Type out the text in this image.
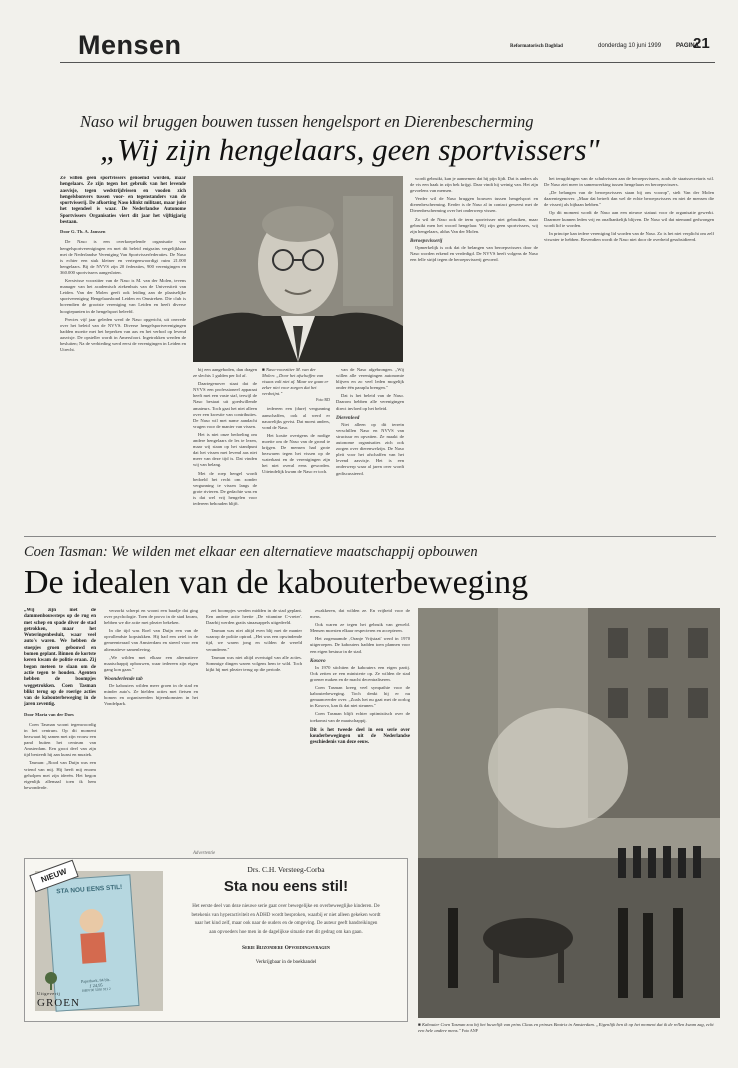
Mensen	Reformatorisch Dagblad	donderdag 10 juni 1999 PAGINA
21
Naso wil bruggen bouwen tussen hengelsport en Dierenbescherming
„Wij zijn hengelaars, geen sportvissers"

Ze willen geen sportvissers genoemd worden, maar hengelaars. Ze zijn tegen het gebruik van het levende aasvisje, tegen wedstrijdvissen en vooden zich hengelsbonvers tussen voor- en tegenstanders van de sportvisserij. De afkorting Naso klinkt militant, maar juist het tegendeel is waar. De Nederlandse Autonome Sportvissers Organisaties viert dit jaar het vijftigjarig bestaan.

Door G. Th. A. Janssen

De Naso is een overkoepelende organisatie van hengelsportverenigingen en met dit beleid enigszins vergelijkbaar met de Nederlandse Vereniging Van Sportvisserfederaties. De Naso is echter een stuk kleiner en vertegenwoordigt ruim 21.000 hengelaars. Bij de NVVS zijn 20 federaties, 900 verenigingen en 360.000 sportvissers aangesloten.

Kerstvisse voorzitter van de Naso is M. van der Molen, tevens manager van het academisch ziekenhuis van de Universiteit van Leiden. Van der Molen geeft ook leiding aan de plaatselijke sportvereniging Hengelaarsbond Leiden en Omstreken. Die club is bovendien de grootste vereniging van Leiden en heeft diverse hoogtepunten in de hengelsport beleefd.

Precies vijf jaar geleden werd de Naso opgericht, uit onvrede over het beleid van de NVVS. Diverse hengelsportverenigingen hadden moeite met het beperken van aas en het verbod op levend aasvisje. De opsteller wordt in Amersfoort. Ingetrokken werden de besluiten; Na de verbieding werd eerst de verenigingen in Leiden en Utrecht.

bij een aangeboden, dan dragen ze slechts 1 gulden per lid af.

Daartegenover staat dat de NVVS een professioneel apparaat heeft met een vaste staf, terwijl de Naso bestaat uit goedwillende amateurs. Toch gaat het niet alleen over een kwestie van contributies. De Naso wil met name aandacht vragen voor de manier van vissen.

Het is niet onze bedoeling om andere hengelaars de les te lezen, maar wij staan op het standpunt dat het vissen met levend aas niet meer van deze tijd is. Dat vinden wij van belang.

Met de roep hengel wordt bedoeld het recht om zonder vergunning te vissen langs de grote rivieren. De gedachte was en is dat wel vrij hengelen voor iedereen behouden blijft.

■ Naso-voorzitter M. van der Molen: „Door het afschaffen van visaas valt niet af. Maar we gaan er zeker niet voor zorgen dat het verdwijnt."
Foto RD

iedereen een (dure) vergunning aanschaffen, ook al werd er nauwelijks gevist. Dat moest anders, vond de Naso.

Het kostte overigens de nodige moeite om de Naso van de grond te krijgen. De mensen had grote bezwaren tegen het vissen op de waterkant en de verenigingen zijn het niet overal eens geworden. Uiteindelijk kwam de Naso er toch.

van de Naso afgebrongen. „Wij willen alle verenigingen autonomie blijven en zo veel leden mogelijk onder één paraplu brengen."

Dat is het beleid van de Naso. Daarom hebben alle verenigingen direct invloed op het beleid.

Dierenleed

Niet alleen op dit terrein verschillen Naso en NVVS van structuur en opvatten. Ze maakt de autonome organisaties zich ook zorgen over dierenwelzijn. De Naso pleit voor het afschaffen van het levend aasvisje. Het is een onderwerp waar al jaren over wordt gediscussieerd.

wordt gebruikt, kan je aannemen dat hij pijn lijdt. Dat is anders als de vis een haak in zijn bek krijgt. Daar vindt hij weinig van. Het zijn gevoelens van mensen.

Verder wil de Naso bruggen bouwen tussen hengelsport en dierenbescherming. Eerder is de Naso al in contact geweest met de Dierenbescherming over het onderwerp vissen.

Zo wil de Naso ook de term sportvisser niet gebruiken, maar gebruikt men het woord hengelaar. Wij zijn geen sportvissers, wij zijn hengelaars, aldus Van der Molen.

Beroepsvisserij

Opmerkelijk is ook dat de belangen van beroepsvissers door de Naso worden erkend en verdedigd. De NVVS heeft volgens de Naso een felle strijd tegen de beroepsvisserij gevoerd.

het terugdringen van de schubvissen aan de beroepsvissers, zoals de staatssecretaris wil. De Naso ziet meer in samenwerking tussen hengelaars en beroepsvissers.

„De belangen van de beroepsvissers staan bij ons voorop", stelt Van der Molen daarentegenover. „Maar dat betreft dan wel de echte beroepsvissers en niet de mensen die de visserij als bijbaan hebben."

Op dit moment wordt de Naso aan een nieuwe statuut voor de organisatie gewerkt. Daarmee kunnen leden vrij en onafhankelijk blijven. De Naso wil dat niemand gedwongen wordt lid te worden.

In principe kan iedere vereniging lid worden van de Naso. Zo is het niet verplicht om zelf viswater te hebben. Bovendien wordt de Naso niet door de overheid gesubsidieerd.

Coen Tasman: We wilden met elkaar een alternatieve maatschappij opbouwen
De idealen van de kabouterbeweging

„Wij zijn met de dammenbouwsteps op de rug en met schep en spade diver de stad getrokken, maar het Woteringenbesluit, waar veel auto's waren. We hebben de stoepjes groen gebouwd en bomen geplant. Binnen de kortste keren kwam de politie eraan. Zij begon meteen te slaan om de actie tegen te houden. Agenten hebben de boompjes weggetrokken. Coen Tasman blikt terug op de roerige acties van de kabouterbeweging in de jaren zeventig.

Door Maria van der Does

Coen Tasman woont tegenwoordig in het centrum. Op dit moment bezwaart hij samen met zijn vrouw een pand buiten het centrum van Amsterdam. Een groot deel van zijn tijd besteedt hij aan kunst en muziek.

Tasman: „Rood van Duijn was een vriend van mij. Hij heeft mij enorm geholpen met zijn ideeën. Het begon eigenlijk allemaal toen ik hem bewonderde.

verzorkt scherpt en woont een baadje dat ging over psychologie. Toen de provo in de stad kwam, hebben we die actie met plezier bekeken.

In die tijd was Roel van Duijn een van de opvallendste kopstukken. Hij had een zetel in de gemeenteraad van Amsterdam en streed voor een alternatieve samenleving.

„We wilden met elkaar een alternatieve maatschappij opbouwen, waar iedereen zijn eigen gang kon gaan."

Woonderlende tab

De kabouters wilden meer groen in de stad en minder auto's. Ze hielden acties met fietsen en bomen en organiseerden bijeenkomsten in het Vondelpark.

zet boompjes werden midden in de stad geplant. Een andere actie heette ‚De vitamine C‑vreter'. Daarbij werden gratis sinaasappels uitgedeeld.

Tasman was niet altijd even blij met de manier waarop de politie optrad. „Het was een opwindende tijd, we waren jong en wilden de wereld veranderen."

Tasman was niet altijd overtuigd van alle acties. Sommige dingen waren volgens hem te wild. Toch kijkt hij met plezier terug op die periode.

zwakkeren, dat wilden ze. En vrijheid voor de mens.

Ook waren ze tegen het gebruik van geweld. Mensen moesten elkaar respecteren en accepteren.

Het zogenaamde ‚Oranje Vrijstaat' werd in 1970 uitgeroepen. De kabouters hadden toen plannen voor een eigen bestuur in de stad.

Kosovo

In 1970 stichtten de kabouters een eigen partij. Ook zetten ze een ministerie op. Ze wilden de stad groener maken en de macht decentraliseren.

Coen Tasman kreeg veel sympathie voor de kabouterbeweging. Toch denkt hij er nu genuanceerder over. „Zoals het nu gaat met de oorlog in Kosovo, kan ik dat niet steunen."

Coen Tasman blijft echter optimistisch over de toekomst van de maatschappij.

Dit is het tweede deel in een serie over kouderbewegingen uit de Nederlandse geschiedenis van deze eeuw.

■ Kabouter Coen Tasman zou bij het huwelijk van prins Claus en prinses Beatrix in Amsterdam. „Eigenlijk ben ik op het moment dat ik de rellen kwam zag, echt een hele andere mens." Foto ANP
STA NOU EENS STIL!
Paperback, 84 blz.
ƒ 24,95
ISBN 90 5030 911 2
NIEUW
Uitgeverij
GROEN
Drs. C.H. Versteeg-Corba
Sta nou eens stil!
Het eerste deel van deze nieuwe serie gaat over bewegelijke en overbeweeglijke kinderen. De betekenis van hyperactiviteit en ADHD wordt besproken, waarbij er niet alleen gekeken wordt naar het kind zelf, maar ook naar de ouders en de omgeving. De auteur geeft handreikingen aan opvoeders hoe men in de dagelijkse situatie met dit gedrag om kan gaan.
Serie Bijzondere Opvoedingsvragen
Verkrijgbaar in de boekhandel
Advertentie
